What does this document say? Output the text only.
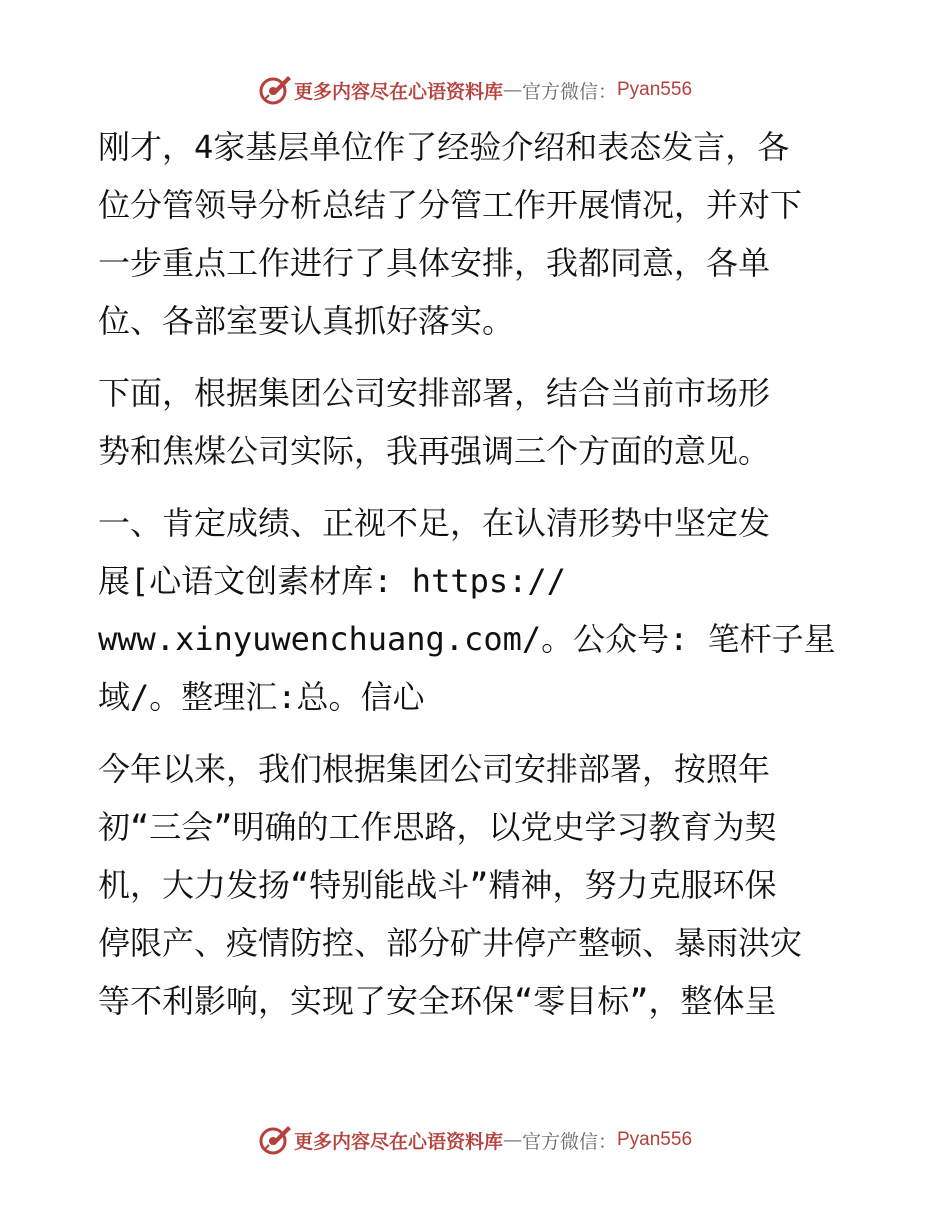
更多内容尽在心语资料库 — 官方微信： Pyan556

刚才，4家基层单位作了经验介绍和表态发言，各
位分管领导分析总结了分管工作开展情况，并对下
一步重点工作进行了具体安排，我都同意，各单
位、各部室要认真抓好落实。

下面，根据集团公司安排部署，结合当前市场形
势和焦煤公司实际，我再强调三个方面的意见。

一、肯定成绩、正视不足，在认清形势中坚定发
展[心语文创素材库: https://
www.xinyuwenchuang.com/。公众号: 笔杆子星
域/。整理汇:总。信心

今年以来，我们根据集团公司安排部署，按照年
初“三会”明确的工作思路，以党史学习教育为契
机，大力发扬“特别能战斗”精神，努力克服环保
停限产、疫情防控、部分矿井停产整顿、暴雨洪灾
等不利影响，实现了安全环保“零目标”，整体呈

更多内容尽在心语资料库 — 官方微信： Pyan556
